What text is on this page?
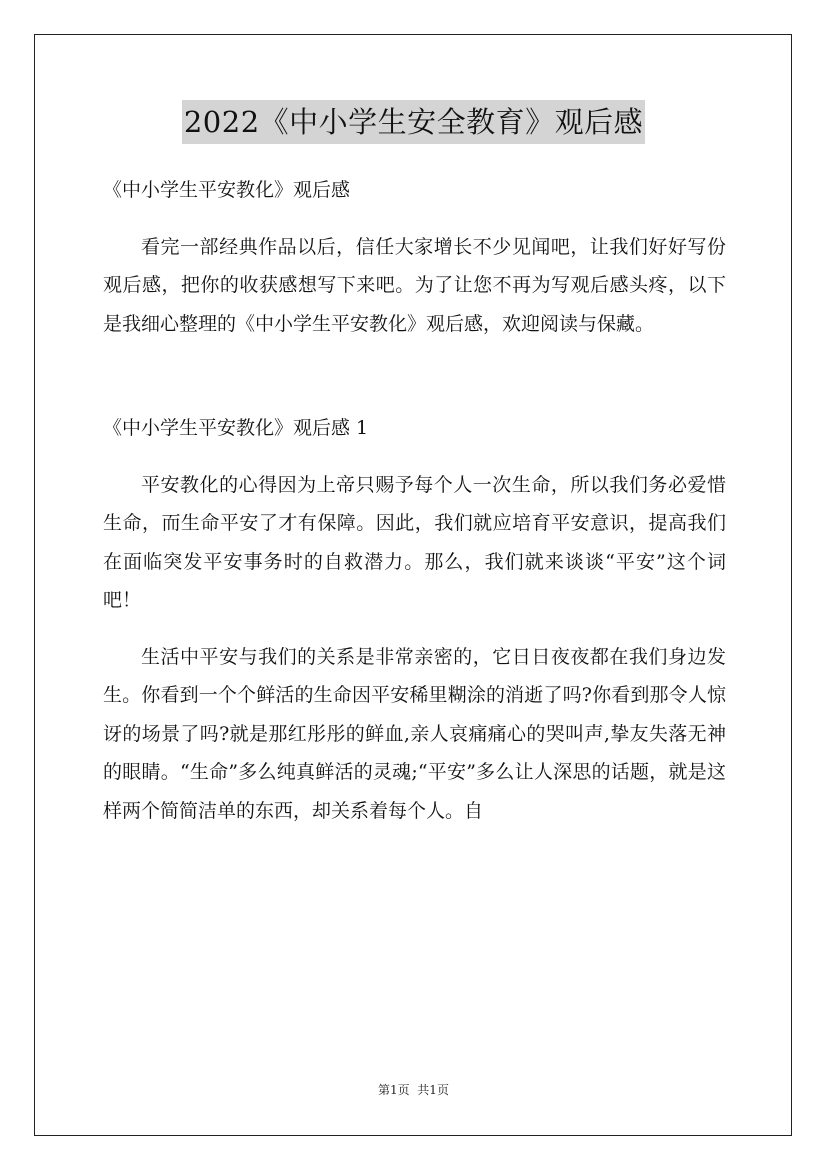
2022《中小学生安全教育》观后感

《中小学生平安教化》观后感

看完一部经典作品以后，信任大家增长不少见闻吧，让我们好好写份观后感，把你的收获感想写下来吧。为了让您不再为写观后感头疼，以下是我细心整理的《中小学生平安教化》观后感，欢迎阅读与保藏。

《中小学生平安教化》观后感 1

平安教化的心得因为上帝只赐予每个人一次生命，所以我们务必爱惜生命，而生命平安了才有保障。因此，我们就应培育平安意识，提高我们在面临突发平安事务时的自救潜力。那么，我们就来谈谈“平安”这个词吧！

生活中平安与我们的关系是非常亲密的，它日日夜夜都在我们身边发生。你看到一个个鲜活的生命因平安稀里糊涂的消逝了吗?你看到那令人惊讶的场景了吗?就是那红彤彤的鲜血,亲人哀痛痛心的哭叫声,挚友失落无神的眼睛。“生命”多么纯真鲜活的灵魂;“平安”多么让人深思的话题，就是这样两个简简洁单的东西，却关系着每个人。自

第1页  共1页
